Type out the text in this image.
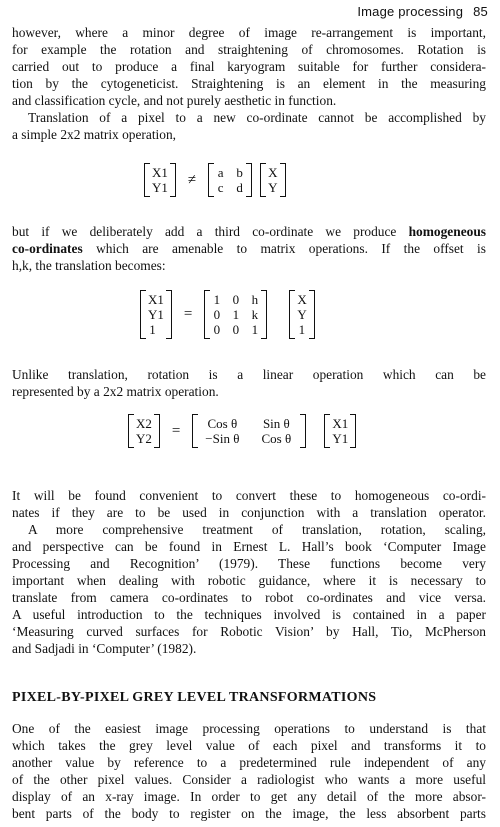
Image processing 85
however, where a minor degree of image re-arrangement is important,
for example the rotation and straightening of chromosomes. Rotation is
carried out to produce a final karyogram suitable for further considera-
tion by the cytogeneticist. Straightening is an element in the measuring
and classification cycle, and not purely aesthetic in function.
Translation of a pixel to a new co-ordinate cannot be accomplished by
a simple 2x2 matrix operation,
X1
Y1 ≠ a b
c d
X
Y
but if we deliberately add a third co-ordinate we produce homogeneous
co-ordinates which are amenable to matrix operations. If the offset is
h,k, the translation becomes:
X1
Y1
1
=
1 0 h
0 1 k
0 0 1
X
Y
1
Unlike translation, rotation is a linear operation which can be
represented by a 2x2 matrix operation.
X2
Y2 =	Cos θ	Sin θ
−Sin θ	Cos θ
X1
Y1
It will be found convenient to convert these to homogeneous co-ordi-
nates if they are to be used in conjunction with a translation operator.
A more comprehensive treatment of translation, rotation, scaling,
and perspective can be found in Ernest L. Hall’s book ‘Computer Image
Processing and Recognition’ (1979). These functions become very
important when dealing with robotic guidance, where it is necessary to
translate from camera co-ordinates to robot co-ordinates and vice versa.
A useful introduction to the techniques involved is contained in a paper
‘Measuring curved surfaces for Robotic Vision’ by Hall, Tio, McPherson
and Sadjadi in ‘Computer’ (1982).
PIXEL-BY-PIXEL GREY LEVEL TRANSFORMATIONS
One of the easiest image processing operations to understand is that
which takes the grey level value of each pixel and transforms it to
another value by reference to a predetermined rule independent of any
of the other pixel values. Consider a radiologist who wants a more useful
display of an x-ray image. In order to get any detail of the more absor-
bent parts of the body to register on the image, the less absorbent parts
